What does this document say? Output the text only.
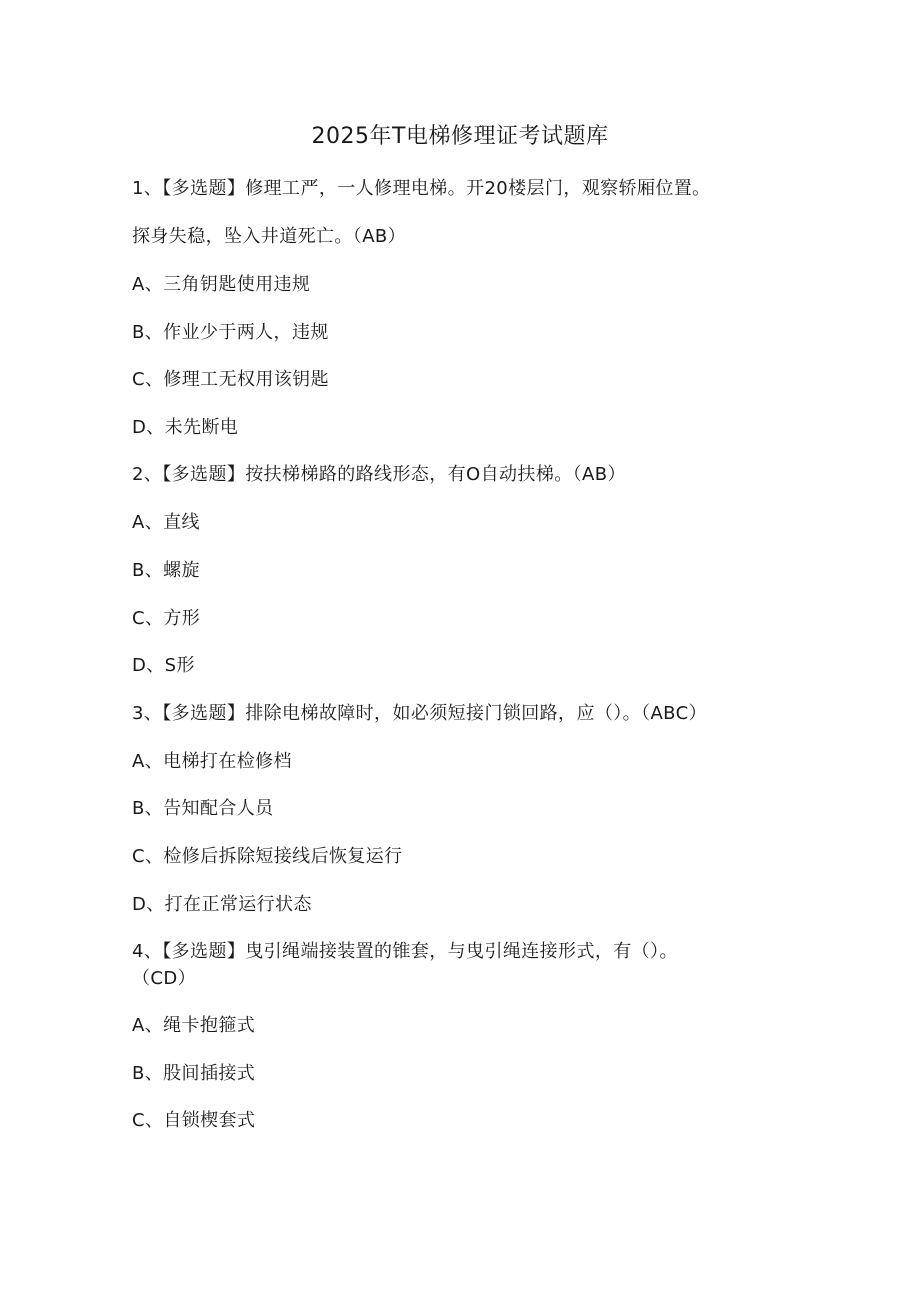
2025年T电梯修理证考试题库
1、【多选题】修理工严，一人修理电梯。开20楼层门，观察轿厢位置。
探身失稳，坠入井道死亡。（AB）
A、三角钥匙使用违规
B、作业少于两人，违规
C、修理工无权用该钥匙
D、未先断电
2、【多选题】按扶梯梯路的路线形态，有O自动扶梯。（AB）
A、直线
B、螺旋
C、方形
D、S形
3、【多选题】排除电梯故障时，如必须短接门锁回路，应（）。（ABC）
A、电梯打在检修档
B、告知配合人员
C、检修后拆除短接线后恢复运行
D、打在正常运行状态
4、【多选题】曳引绳端接装置的锥套，与曳引绳连接形式，有（）。
（CD）
A、绳卡抱箍式
B、股间插接式
C、自锁楔套式
